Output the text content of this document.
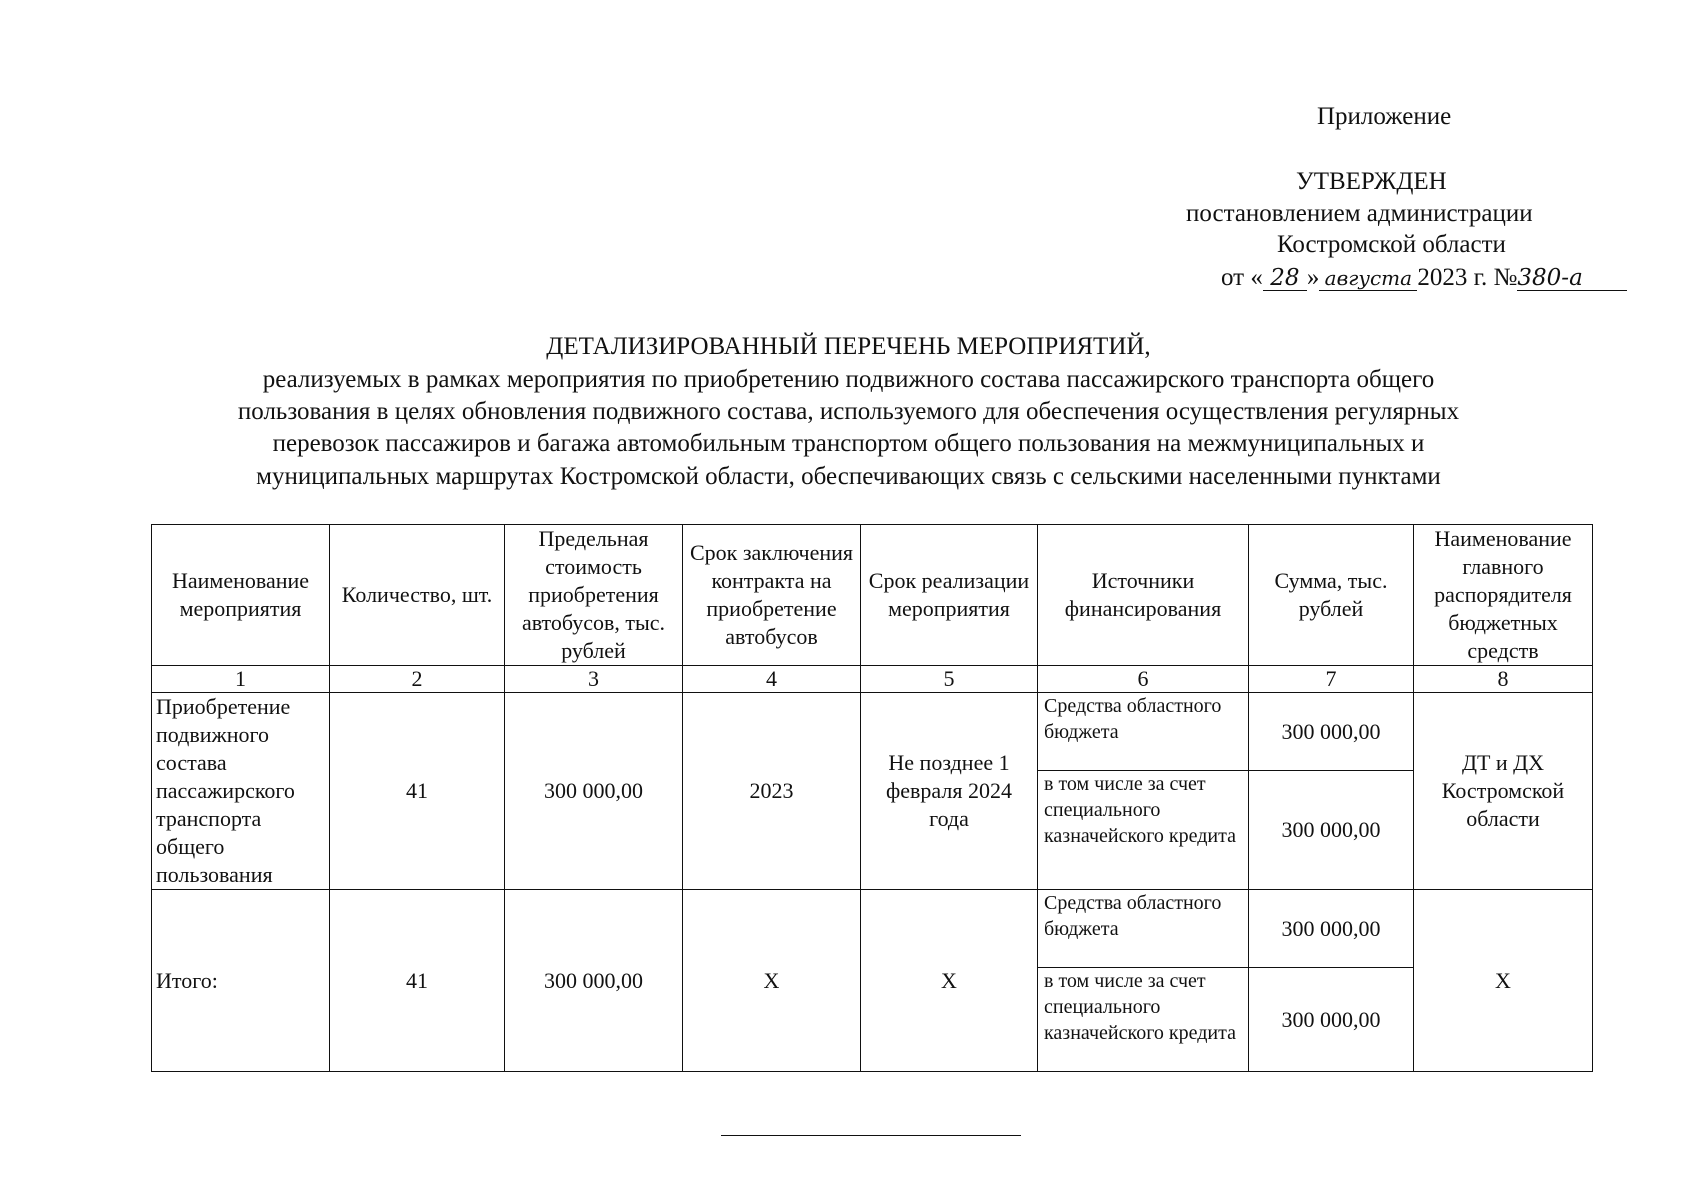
Приложение
УТВЕРЖДЕН
постановлением администрации
Костромской области
от « 28 » августа 2023 г. №380-а
ДЕТАЛИЗИРОВАННЫЙ ПЕРЕЧЕНЬ МЕРОПРИЯТИЙ,
реализуемых в рамках мероприятия по приобретению подвижного состава пассажирского транспорта общего
пользования в целях обновления подвижного состава, используемого для обеспечения осуществления регулярных
перевозок пассажиров и багажа автомобильным транспортом общего пользования на межмуниципальных и
муниципальных маршрутах Костромской области, обеспечивающих связь с сельскими населенными пунктами
Наименование мероприятия	Количество, шт.	Предельная стоимость приобретения автобусов, тыс. рублей	Срок заключения контракта на приобретение автобусов	Срок реализации мероприятия	Источники финансирования	Сумма, тыс. рублей	Наименование главного распорядителя бюджетных средств
1	2	3	4	5	6	7	8
Приобретение подвижного состава пассажирского транспорта общего пользования	41	300 000,00	2023	Не позднее 1 февраля 2024 года	Средства областного бюджета	300 000,00	ДТ и ДХ Костромской области
					в том числе за счет специального казначейского кредита	300 000,00	
Итого:	41	300 000,00	Х	Х	Средства областного бюджета	300 000,00	Х
					в том числе за счет специального казначейского кредита	300 000,00	
